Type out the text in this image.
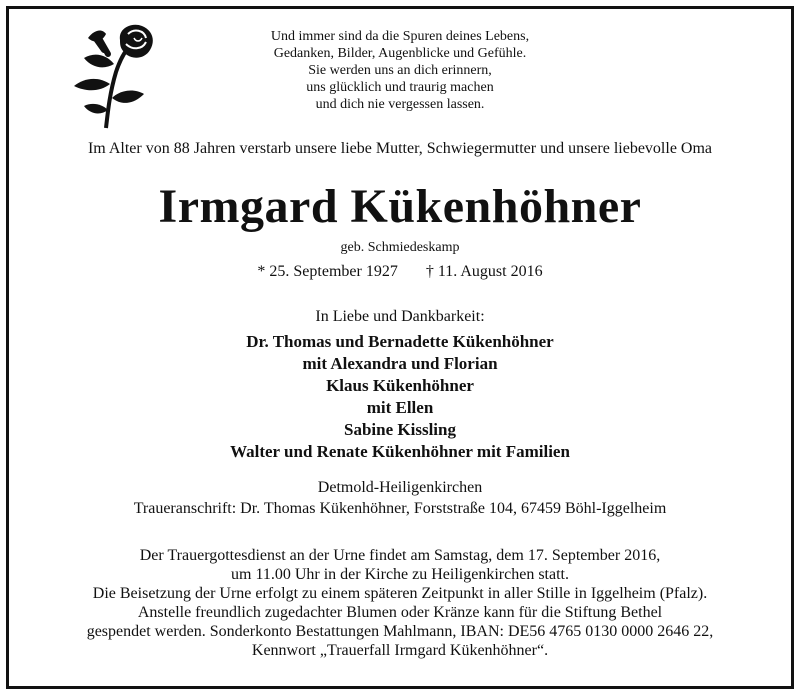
Und immer sind da die Spuren deines Lebens,
Gedanken, Bilder, Augenblicke und Gefühle.
Sie werden uns an dich erinnern,
uns glücklich und traurig machen
und dich nie vergessen lassen.
Im Alter von 88 Jahren verstarb unsere liebe Mutter, Schwiegermutter und unsere liebevolle Oma
Irmgard Kükenhöhner
geb. Schmiedeskamp
* 25. September 1927 † 11. August 2016
In Liebe und Dankbarkeit:
Dr. Thomas und Bernadette Kükenhöhner
mit Alexandra und Florian
Klaus Kükenhöhner
mit Ellen
Sabine Kissling
Walter und Renate Kükenhöhner mit Familien
Detmold-Heiligenkirchen
Traueranschrift: Dr. Thomas Kükenhöhner, Forststraße 104, 67459 Böhl-Iggelheim
Der Trauergottesdienst an der Urne findet am Samstag, dem 17. September 2016,
um 11.00 Uhr in der Kirche zu Heiligenkirchen statt.
Die Beisetzung der Urne erfolgt zu einem späteren Zeitpunkt in aller Stille in Iggelheim (Pfalz).
Anstelle freundlich zugedachter Blumen oder Kränze kann für die Stiftung Bethel
gespendet werden. Sonderkonto Bestattungen Mahlmann, IBAN: DE56 4765 0130 0000 2646 22,
Kennwort „Trauerfall Irmgard Kükenhöhner“.
